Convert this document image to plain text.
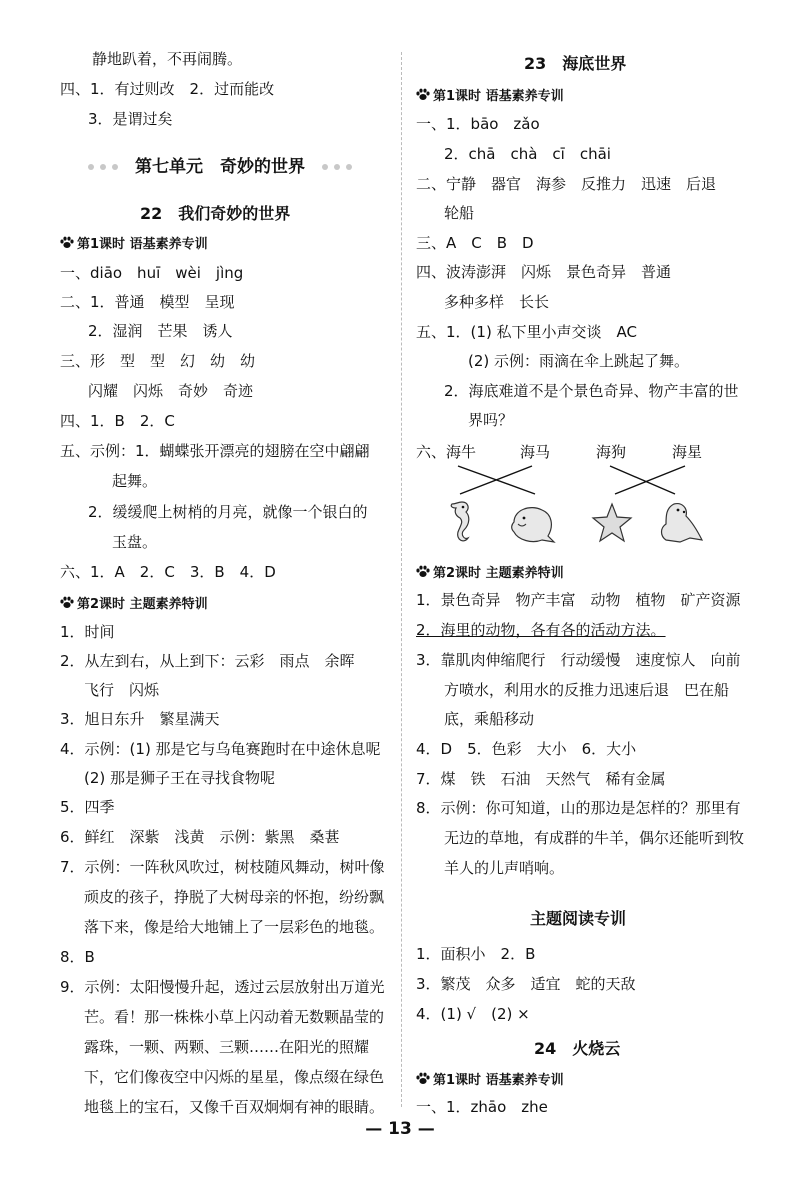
静地趴着，不再闹腾。
四、1．有过则改　2．过而能改
3．是谓过矣
第七单元　奇妙的世界
22　我们奇妙的世界
第1课时 语基素养专训
一、diāo　huī　wèi　jìng
二、1．普通　模型　呈现
2．湿润　芒果　诱人
三、形　型　型　幻　幼　幼
闪耀　闪烁　奇妙　奇迹
四、1．B　2．C
五、示例：1．蝴蝶张开漂亮的翅膀在空中翩翩
起舞。
2．缓缓爬上树梢的月亮，就像一个银白的
玉盘。
六、1．A　2．C　3．B　4．D
第2课时 主题素养特训
1．时间
2．从左到右，从上到下：云彩　雨点　余晖
飞行　闪烁
3．旭日东升　繁星满天
4．示例：(1) 那是它与乌龟赛跑时在中途休息呢
(2) 那是狮子王在寻找食物呢
5．四季
6．鲜红　深紫　浅黄　示例：紫黑　桑葚
7．示例：一阵秋风吹过，树枝随风舞动，树叶像
顽皮的孩子，挣脱了大树母亲的怀抱，纷纷飘
落下来，像是给大地铺上了一层彩色的地毯。
8．B
9．示例：太阳慢慢升起，透过云层放射出万道光
芒。看！那一株株小草上闪动着无数颗晶莹的
露珠，一颗、两颗、三颗……在阳光的照耀
下，它们像夜空中闪烁的星星，像点缀在绿色
地毯上的宝石，又像千百双炯炯有神的眼睛。
23　海底世界
第1课时 语基素养专训
一、1．bāo　zǎo
2．chā　chà　cī　chāi
二、宁静　器官　海参　反推力　迅速　后退
轮船
三、A　C　B　D
四、波涛澎湃　闪烁　景色奇异　普通
多种多样　长长
五、1．(1) 私下里小声交谈　AC
(2) 示例：雨滴在伞上跳起了舞。
2．海底难道不是个景色奇异、物产丰富的世
界吗？
六、 海牛	海马	海狗	海星
第2课时 主题素养特训
1．景色奇异　物产丰富　动物　植物　矿产资源
2．海里的动物，各有各的活动方法。
3．靠肌肉伸缩爬行　行动缓慢　速度惊人　向前
方喷水，利用水的反推力迅速后退　巴在船
底，乘船移动
4．D　5．色彩　大小　6．大小
7．煤　铁　石油　天然气　稀有金属
8．示例：你可知道，山的那边是怎样的？那里有
无边的草地，有成群的牛羊，偶尔还能听到牧
羊人的儿声哨响。
主题阅读专训
1．面积小　2．B
3．繁茂　众多　适宜　蛇的天敌
4．(1) √　(2) ×
24　火烧云
第1课时 语基素养专训
一、1．zhāo　zhe
— 13 —
